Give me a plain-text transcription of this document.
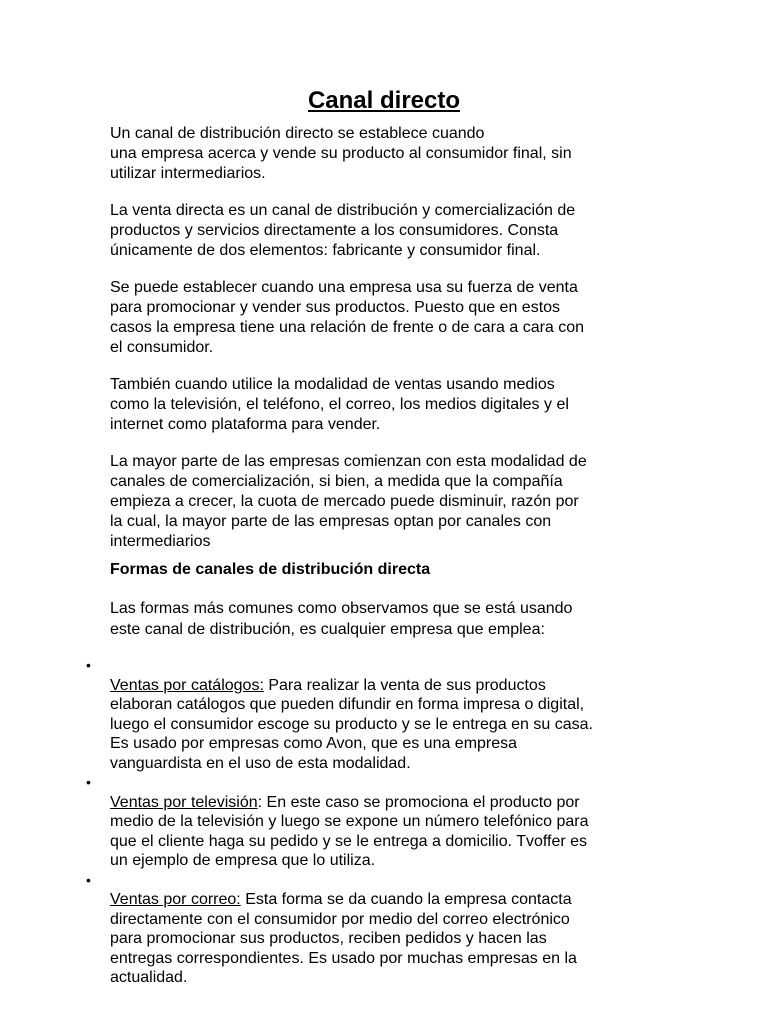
Canal directo

Un canal de distribución directo se establece cuando
una empresa acerca y vende su producto al consumidor final, sin
utilizar intermediarios.

La venta directa es un canal de distribución y comercialización de
productos y servicios directamente a los consumidores. Consta
únicamente de dos elementos: fabricante y consumidor final.

Se puede establecer cuando una empresa usa su fuerza de venta
para promocionar y vender sus productos. Puesto que en estos
casos la empresa tiene una relación de frente o de cara a cara con
el consumidor.

También cuando utilice la modalidad de ventas usando medios
como la televisión, el teléfono, el correo, los medios digitales y el
internet como plataforma para vender.

La mayor parte de las empresas comienzan con esta modalidad de
canales de comercialización, si bien, a medida que la compañía
empieza a crecer, la cuota de mercado puede disminuir, razón por
la cual, la mayor parte de las empresas optan por canales con
intermediarios

Formas de canales de distribución directa

Las formas más comunes como observamos que se está usando
este canal de distribución, es cualquier empresa que emplea:

•
Ventas por catálogos: Para realizar la venta de sus productos
elaboran catálogos que pueden difundir en forma impresa o digital,
luego el consumidor escoge su producto y se le entrega en su casa.
Es usado por empresas como Avon, que es una empresa
vanguardista en el uso de esta modalidad.

•
Ventas por televisión: En este caso se promociona el producto por
medio de la televisión y luego se expone un número telefónico para
que el cliente haga su pedido y se le entrega a domicilio. Tvoffer es
un ejemplo de empresa que lo utiliza.

•
Ventas por correo: Esta forma se da cuando la empresa contacta
directamente con el consumidor por medio del correo electrónico
para promocionar sus productos, reciben pedidos y hacen las
entregas correspondientes. Es usado por muchas empresas en la
actualidad.
